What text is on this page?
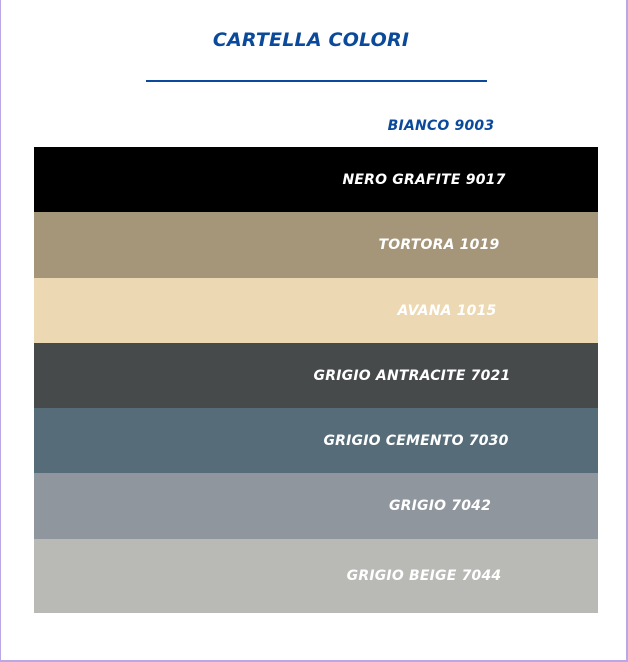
CARTELLA COLORI
BIANCO 9003
NERO GRAFITE 9017
TORTORA 1019
AVANA 1015
GRIGIO ANTRACITE 7021
GRIGIO CEMENTO 7030
GRIGIO 7042
GRIGIO BEIGE 7044
